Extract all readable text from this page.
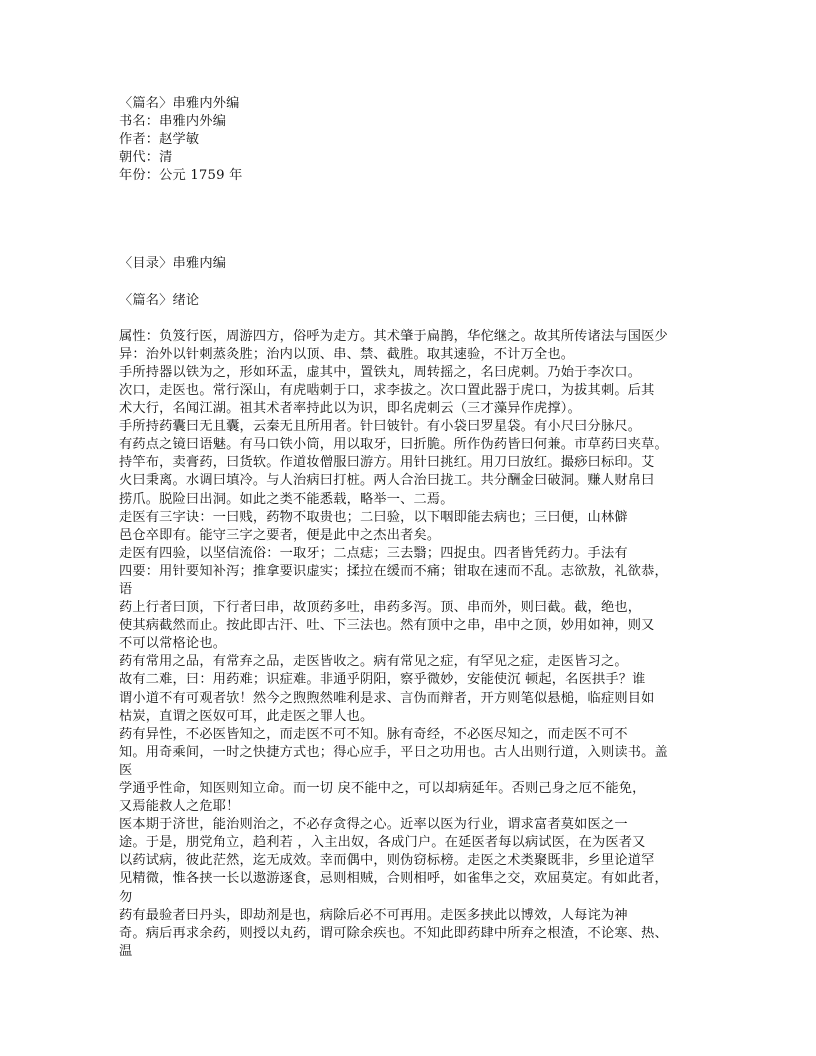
〈篇名〉串雅内外编
书名：串雅内外编
作者：赵学敏
朝代：清
年份：公元 1759 年
〈目录〉串雅内编
〈篇名〉绪论
属性：负笈行医，周游四方，俗呼为走方。其术肇于扁鹊，华佗继之。故其所传诸法与国医少
异：治外以针刺蒸灸胜；治内以顶、串、禁、截胜。取其速验，不计万全也。
手所持器以铁为之，形如环盂，虚其中，置铁丸，周转摇之，名曰虎刺。乃始于李次口。
次口，走医也。常行深山，有虎啮刺于口，求李拔之。次口置此器于虎口，为拔其刺。后其
术大行，名闻江湖。祖其术者率持此以为识，即名虎刺云（三才藻异作虎撑）。
手所持药囊曰无且囊，云秦无且所用者。针曰铍针。有小袋曰罗星袋。有小尺曰分脉尺。
有药点之镜曰语魅。有马口铁小筒，用以取牙，曰折脆。所作伪药皆曰何兼。市草药曰夹草。
持竿布，卖膏药，曰货软。作道妆僧服曰游方。用针曰挑红。用刀曰放红。撮痧曰标印。艾
火曰秉离。水调曰填冷。与人治病曰打桩。两人合治曰拢工。共分酬金曰破洞。赚人财帛曰
捞爪。脱险曰出洞。如此之类不能悉载，略举一、二焉。
走医有三字诀：一曰贱，药物不取贵也；二曰验，以下咽即能去病也；三曰便，山林僻
邑仓卒即有。能守三字之要者，便是此中之杰出者矣。
走医有四验，以坚信流俗：一取牙；二点痣；三去翳；四捉虫。四者皆凭药力。手法有
四要：用针要知补泻；推拿要识虚实；揉拉在缓而不痛；钳取在速而不乱。志欲敖，礼欲恭，
语
药上行者曰顶，下行者曰串，故顶药多吐，串药多泻。顶、串而外，则曰截。截，绝也，
使其病截然而止。按此即古汗、吐、下三法也。然有顶中之串，串中之顶，妙用如神，则又
不可以常格论也。
药有常用之品，有常弃之品，走医皆收之。病有常见之症，有罕见之症，走医皆习之。
故有二难，曰：用药难；识症难。非通乎阴阳，察乎微妙，安能使沉 顿起，名医拱手？谁
谓小道不有可观者欤！然今之煦煦然唯利是求、言伪而辩者，开方则笔似悬槌，临症则目如
枯炭，直谓之医奴可耳，此走医之罪人也。
药有异性，不必医皆知之，而走医不可不知。脉有奇经，不必医尽知之，而走医不可不
知。用奇乘间，一时之快捷方式也；得心应手，平日之功用也。古人出则行道，入则读书。盖
医
学通乎性命，知医则知立命。而一切 戾不能中之，可以却病延年。否则己身之厄不能免，
又焉能救人之危耶！
医本期于济世，能治则治之，不必存贪得之心。近率以医为行业，谓求富者莫如医之一
途。于是，朋党角立，趋利若 ，入主出奴，各成门户。在延医者每以病试医，在为医者又
以药试病，彼此茫然，迄无成效。幸而偶中，则伪窃标榜。走医之术类聚既非，乡里论道罕
见精微，惟各挟一长以遨游逐食，忌则相贼，合则相呼，如雀隼之交，欢屈莫定。有如此者，
勿
药有最验者曰丹头，即劫剂是也，病除后必不可再用。走医多挟此以博效，人每诧为神
奇。病后再求余药，则授以丸药，谓可除余疾也。不知此即药肆中所弃之根渣，不论寒、热、
温
